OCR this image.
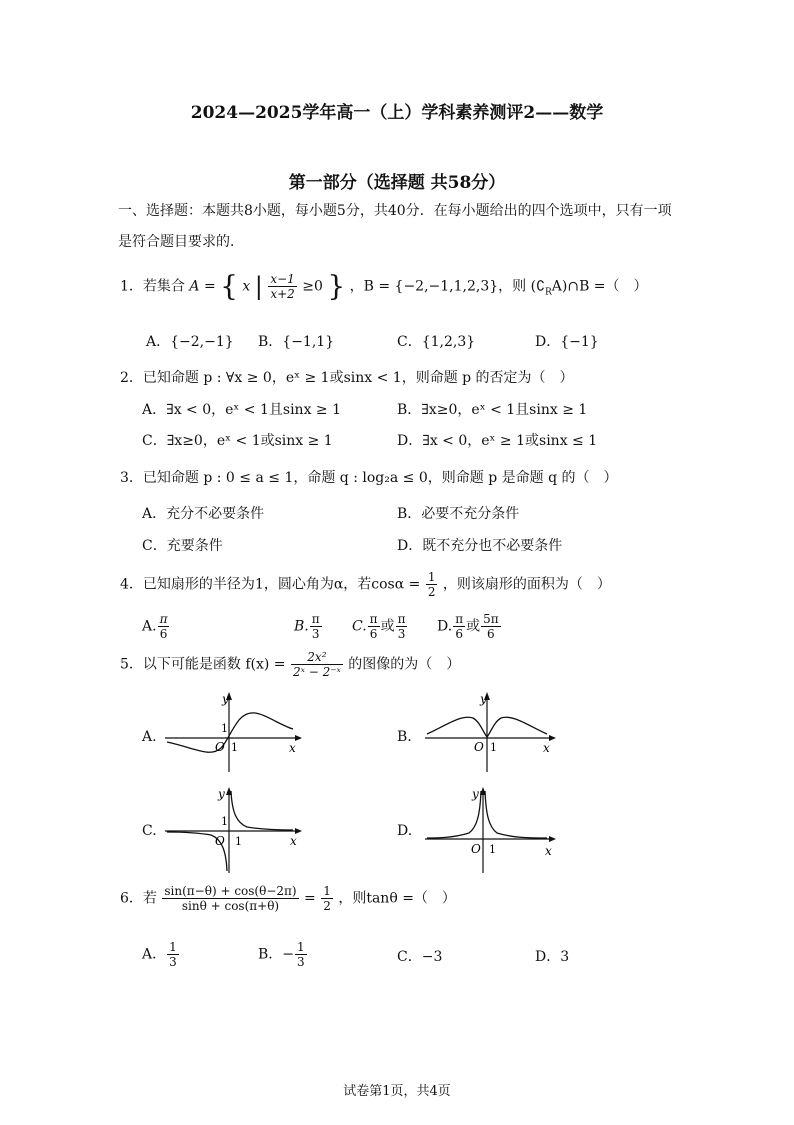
2024—2025学年高一（上）学科素养测评2——数学
第一部分（选择题 共58分）
一、选择题：本题共8小题，每小题5分，共40分．在每小题给出的四个选项中，只有一项是符合题目要求的．
1．若集合 A = { x | $\frac{x-1}{x+2} \ge 0$ } ，B = {−2,−1,1,2,3}，则 $(∁_RA)\cap B$ =（　）
A．{−2,−1} B．{−1,1}	C．{1,2,3}	D．{−1}
2．已知命题 p : ∀x ≥ 0，eˣ ≥ 1或sinx < 1，则命题 p 的否定为（　）
A．∃x < 0，eˣ < 1且sinx ≥ 1	B．∃x≥0，eˣ < 1且sinx ≥ 1
C．∃x≥0，eˣ < 1或sinx ≥ 1	D．∃x < 0，eˣ ≥ 1或sinx ≤ 1
3．已知命题 p : 0 ≤ a ≤ 1，命题 q : log₂a ≤ 0，则命题 p 是命题 q 的（　）
A．充分不必要条件	B．必要不充分条件
C．充要条件	D．既不充分也不必要条件
4．已知扇形的半径为1，圆心角为α，若$\cos\alpha = \frac{1}{2}$ ，则该扇形的面积为（　）
A. $\frac{\pi}{6}$	B. $\frac{\pi}{3} C$. $\frac{\pi}{6}$ 或 $\frac{\pi}{3} D$. $\frac{\pi}{6}$ 或 $\frac{5\pi}{6}$
5．以下可能是函数 $f(x) = \frac{\text{2x²}}{\text{2ˣ − 2⁻ˣ}}$ 的图像的为（　）
A.	B.
C.	D.
y
x
O 1
1
y
x
O 1
y
x
O 1
1
y
x
O 1
6．若 $\frac{\sin(\pi-\theta) + \cos(\theta-2\pi)}{\sin\theta + \cos(\pi+\theta)} = \frac{1}{2}$ ，则tanθ =（　）
A． $\frac{1}{3}$	B．− $\frac{1}{3}$	C．−3	D．3
试卷第1页，共4页
